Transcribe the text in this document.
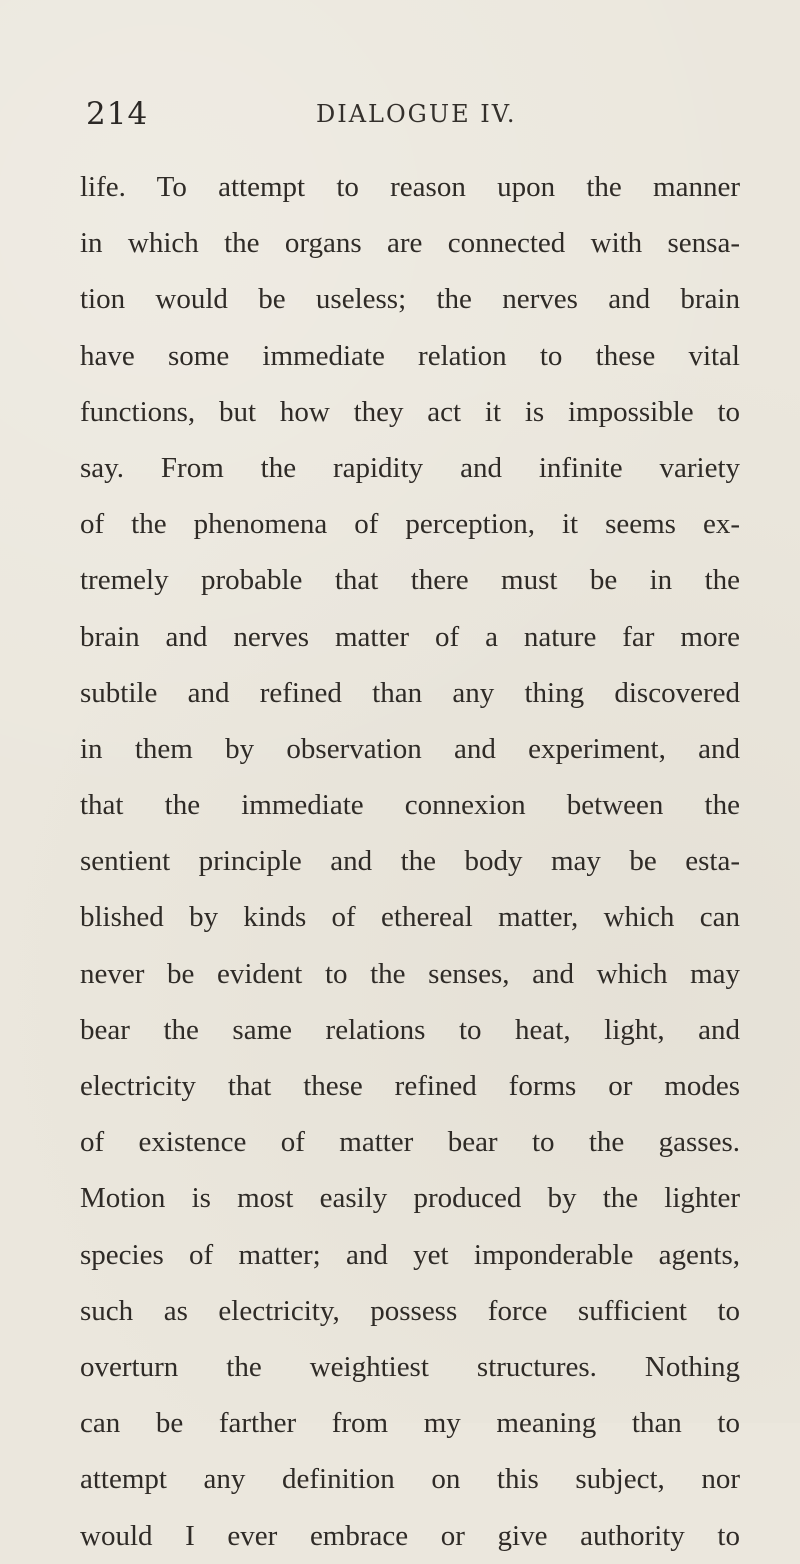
214	DIALOGUE IV.
life. To attempt to reason upon the manner
in which the organs are connected with sensa-
tion would be useless; the nerves and brain
have some immediate relation to these vital
functions, but how they act it is impossible to
say. From the rapidity and infinite variety
of the phenomena of perception, it seems ex-
tremely probable that there must be in the
brain and nerves matter of a nature far more
subtile and refined than any thing discovered
in them by observation and experiment, and
that the immediate connexion between the
sentient principle and the body may be esta-
blished by kinds of ethereal matter, which can
never be evident to the senses, and which may
bear the same relations to heat, light, and
electricity that these refined forms or modes
of existence of matter bear to the gasses.
Motion is most easily produced by the lighter
species of matter; and yet imponderable agents,
such as electricity, possess force sufficient to
overturn the weightiest structures. Nothing
can be farther from my meaning than to
attempt any definition on this subject, nor
would I ever embrace or give authority to
